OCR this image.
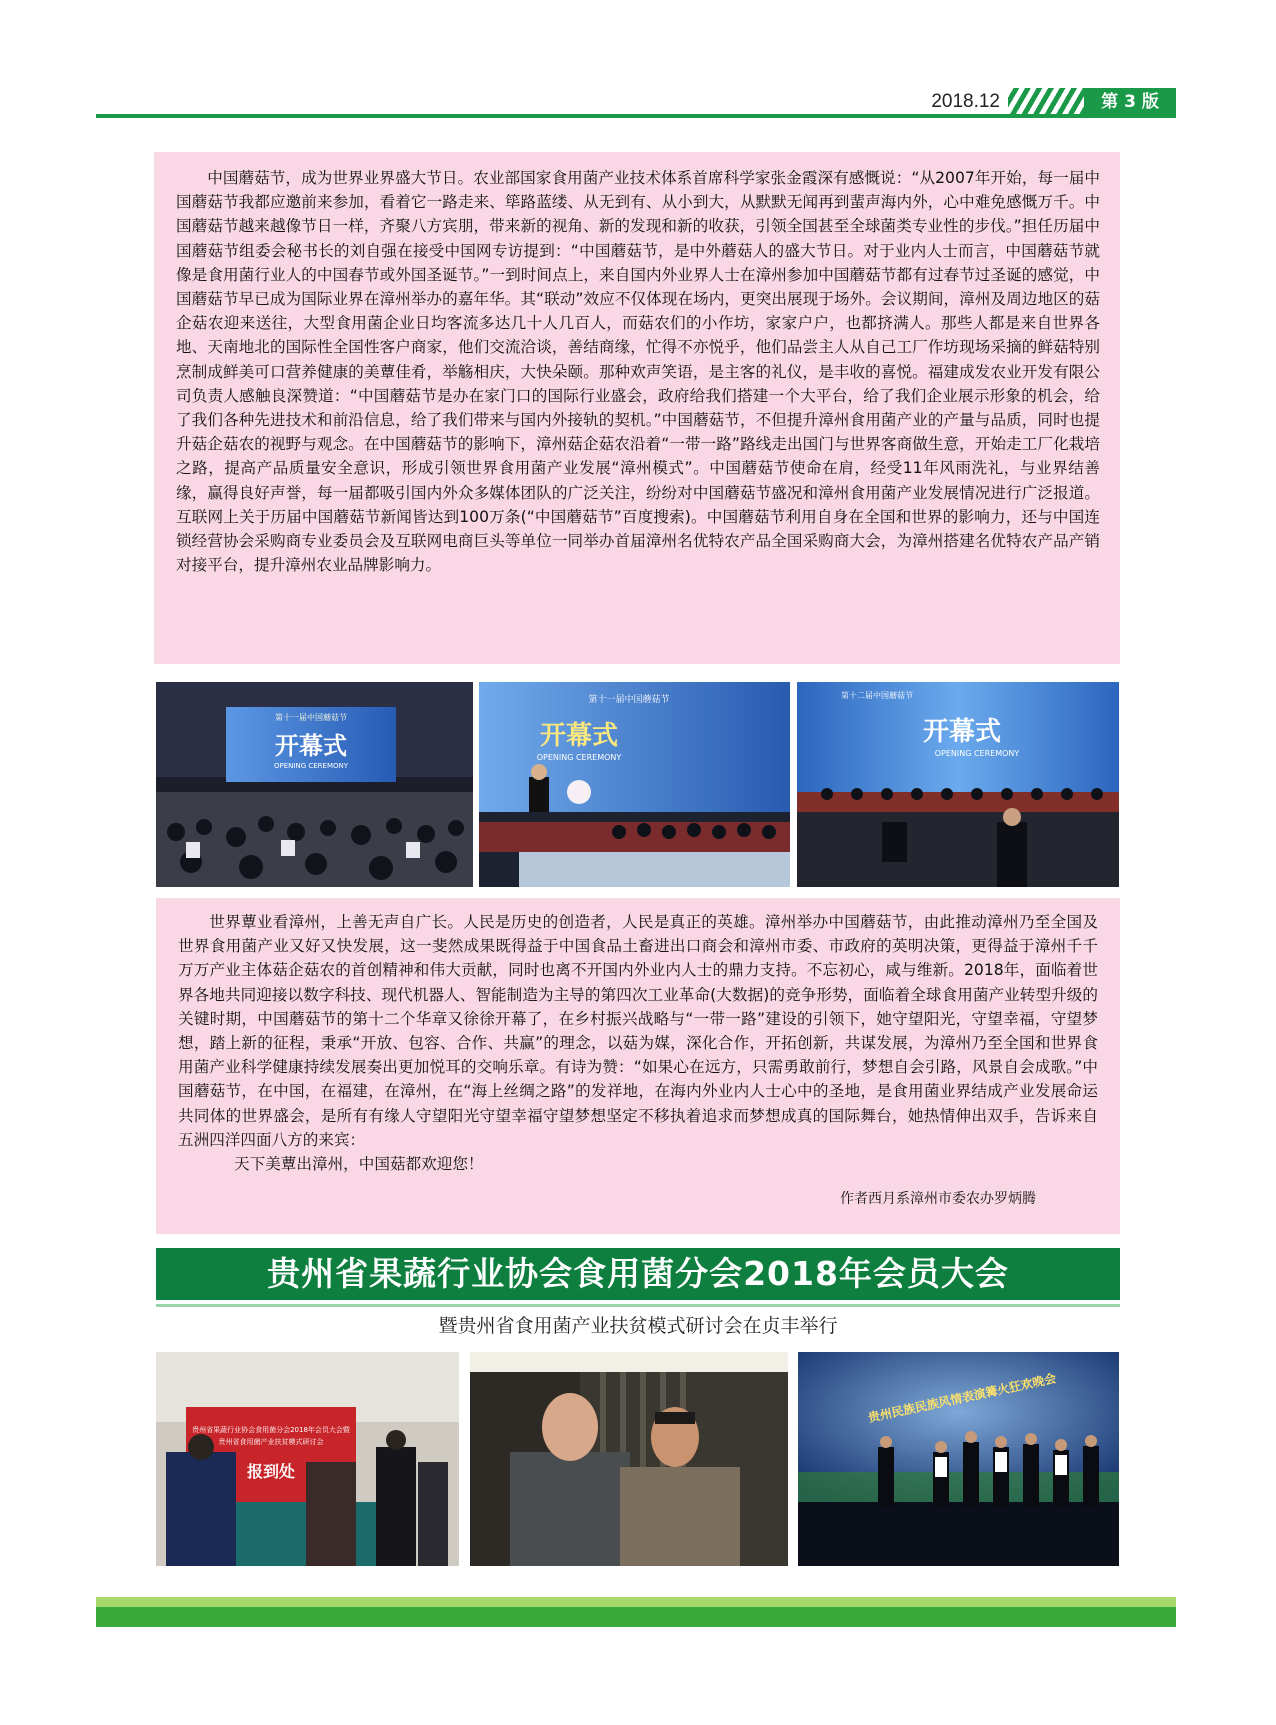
2018.12	第 3 版

中国蘑菇节，成为世界业界盛大节日。农业部国家食用菌产业技术体系首席科学家张金霞深有感慨说：“从2007年开始，每一届中国蘑菇节我都应邀前来参加，看着它一路走来、筚路蓝缕、从无到有、从小到大，从默默无闻再到蜚声海内外，心中难免感慨万千。中国蘑菇节越来越像节日一样，齐聚八方宾朋，带来新的视角、新的发现和新的收获，引领全国甚至全球菌类专业性的步伐。”担任历届中国蘑菇节组委会秘书长的刘自强在接受中国网专访提到：“中国蘑菇节，是中外蘑菇人的盛大节日。对于业内人士而言，中国蘑菇节就像是食用菌行业人的中国春节或外国圣诞节。”一到时间点上，来自国内外业界人士在漳州参加中国蘑菇节都有过春节过圣诞的感觉，中国蘑菇节早已成为国际业界在漳州举办的嘉年华。其“联动”效应不仅体现在场内，更突出展现于场外。会议期间，漳州及周边地区的菇企菇农迎来送往，大型食用菌企业日均客流多达几十人几百人，而菇农们的小作坊，家家户户，也都挤满人。那些人都是来自世界各地、天南地北的国际性全国性客户商家，他们交流洽谈，善结商缘，忙得不亦悦乎，他们品尝主人从自己工厂作坊现场采摘的鲜菇特别烹制成鲜美可口营养健康的美蕈佳肴，举觞相庆，大快朵颐。那种欢声笑语，是主客的礼仪，是丰收的喜悦。福建成发农业开发有限公司负责人感触良深赞道：“中国蘑菇节是办在家门口的国际行业盛会，政府给我们搭建一个大平台，给了我们企业展示形象的机会，给了我们各种先进技术和前沿信息，给了我们带来与国内外接轨的契机。”中国蘑菇节，不但提升漳州食用菌产业的产量与品质，同时也提升菇企菇农的视野与观念。在中国蘑菇节的影响下，漳州菇企菇农沿着“一带一路”路线走出国门与世界客商做生意，开始走工厂化栽培之路，提高产品质量安全意识，形成引领世界食用菌产业发展“漳州模式”。中国蘑菇节使命在肩，经受11年风雨洗礼，与业界结善缘，赢得良好声誉，每一届都吸引国内外众多媒体团队的广泛关注，纷纷对中国蘑菇节盛况和漳州食用菌产业发展情况进行广泛报道。互联网上关于历届中国蘑菇节新闻皆达到100万条(“中国蘑菇节”百度搜索)。中国蘑菇节利用自身在全国和世界的影响力，还与中国连锁经营协会采购商专业委员会及互联网电商巨头等单位一同举办首届漳州名优特农产品全国采购商大会，为漳州搭建名优特农产品产销对接平台，提升漳州农业品牌影响力。

第十一届中国蘑菇节
开幕式
OPENING CEREMONY
第十一届中国蘑菇节
开幕式
OPENING CEREMONY
第十二届中国蘑菇节
开幕式
OPENING CEREMONY

世界蕈业看漳州，上善无声自广长。人民是历史的创造者，人民是真正的英雄。漳州举办中国蘑菇节，由此推动漳州乃至全国及世界食用菌产业又好又快发展，这一斐然成果既得益于中国食品土畜进出口商会和漳州市委、市政府的英明决策，更得益于漳州千千万万产业主体菇企菇农的首创精神和伟大贡献，同时也离不开国内外业内人士的鼎力支持。不忘初心，咸与维新。2018年，面临着世界各地共同迎接以数字科技、现代机器人、智能制造为主导的第四次工业革命(大数据)的竞争形势，面临着全球食用菌产业转型升级的关键时期，中国蘑菇节的第十二个华章又徐徐开幕了，在乡村振兴战略与“一带一路”建设的引领下，她守望阳光，守望幸福，守望梦想，踏上新的征程，秉承“开放、包容、合作、共赢”的理念，以菇为媒，深化合作，开拓创新，共谋发展，为漳州乃至全国和世界食用菌产业科学健康持续发展奏出更加悦耳的交响乐章。有诗为赞：“如果心在远方，只需勇敢前行，梦想自会引路，风景自会成歌。”中国蘑菇节，在中国，在福建，在漳州，在“海上丝绸之路”的发祥地，在海内外业内人士心中的圣地，是食用菌业界结成产业发展命运共同体的世界盛会，是所有有缘人守望阳光守望幸福守望梦想坚定不移执着追求而梦想成真的国际舞台，她热情伸出双手，告诉来自五洲四洋四面八方的来宾：

天下美蕈出漳州，中国菇都欢迎您！

作者西月系漳州市委农办罗炳腾
贵州省果蔬行业协会食用菌分会2018年会员大会
暨贵州省食用菌产业扶贫模式研讨会在贞丰举行
贵州省果蔬行业协会食用菌分会2018年会员大会暨
贵州省食用菌产业扶贫模式研讨会
报到处
贵州民族民族风情表演篝火狂欢晚会
